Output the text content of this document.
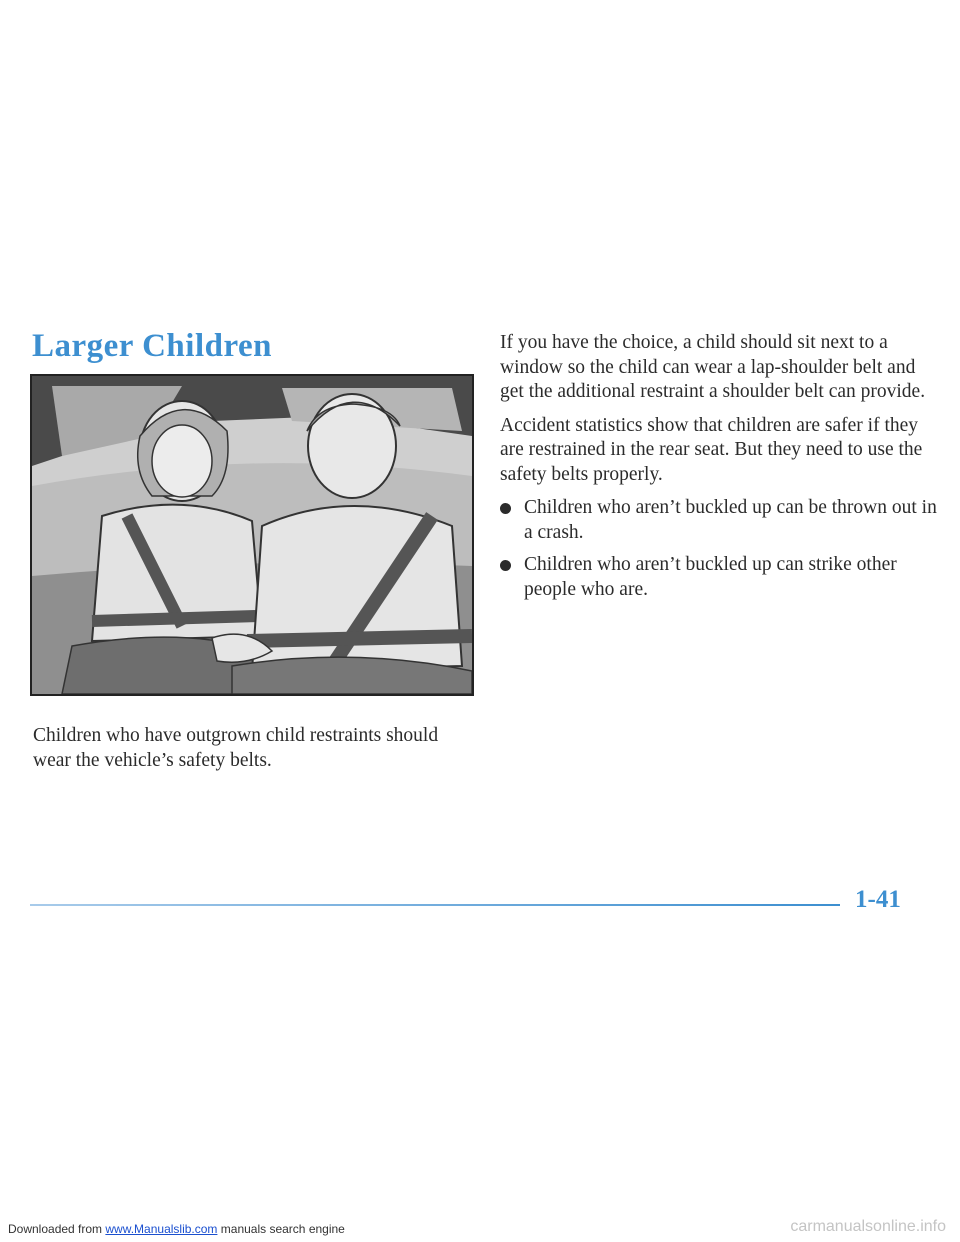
Larger Children

Children who have outgrown child restraints should wear the vehicle’s safety belts.

If you have the choice, a child should sit next to a window so the child can wear a lap-shoulder belt and get the additional restraint a shoulder belt can provide.

Accident statistics show that children are safer if they are restrained in the rear seat. But they need to use the safety belts properly.

Children who aren’t buckled up can be thrown out in a crash.
Children who aren’t buckled up can strike other people who are.

1-41

Downloaded from www.Manualslib.com manuals search engine	carmanualsonline.info
